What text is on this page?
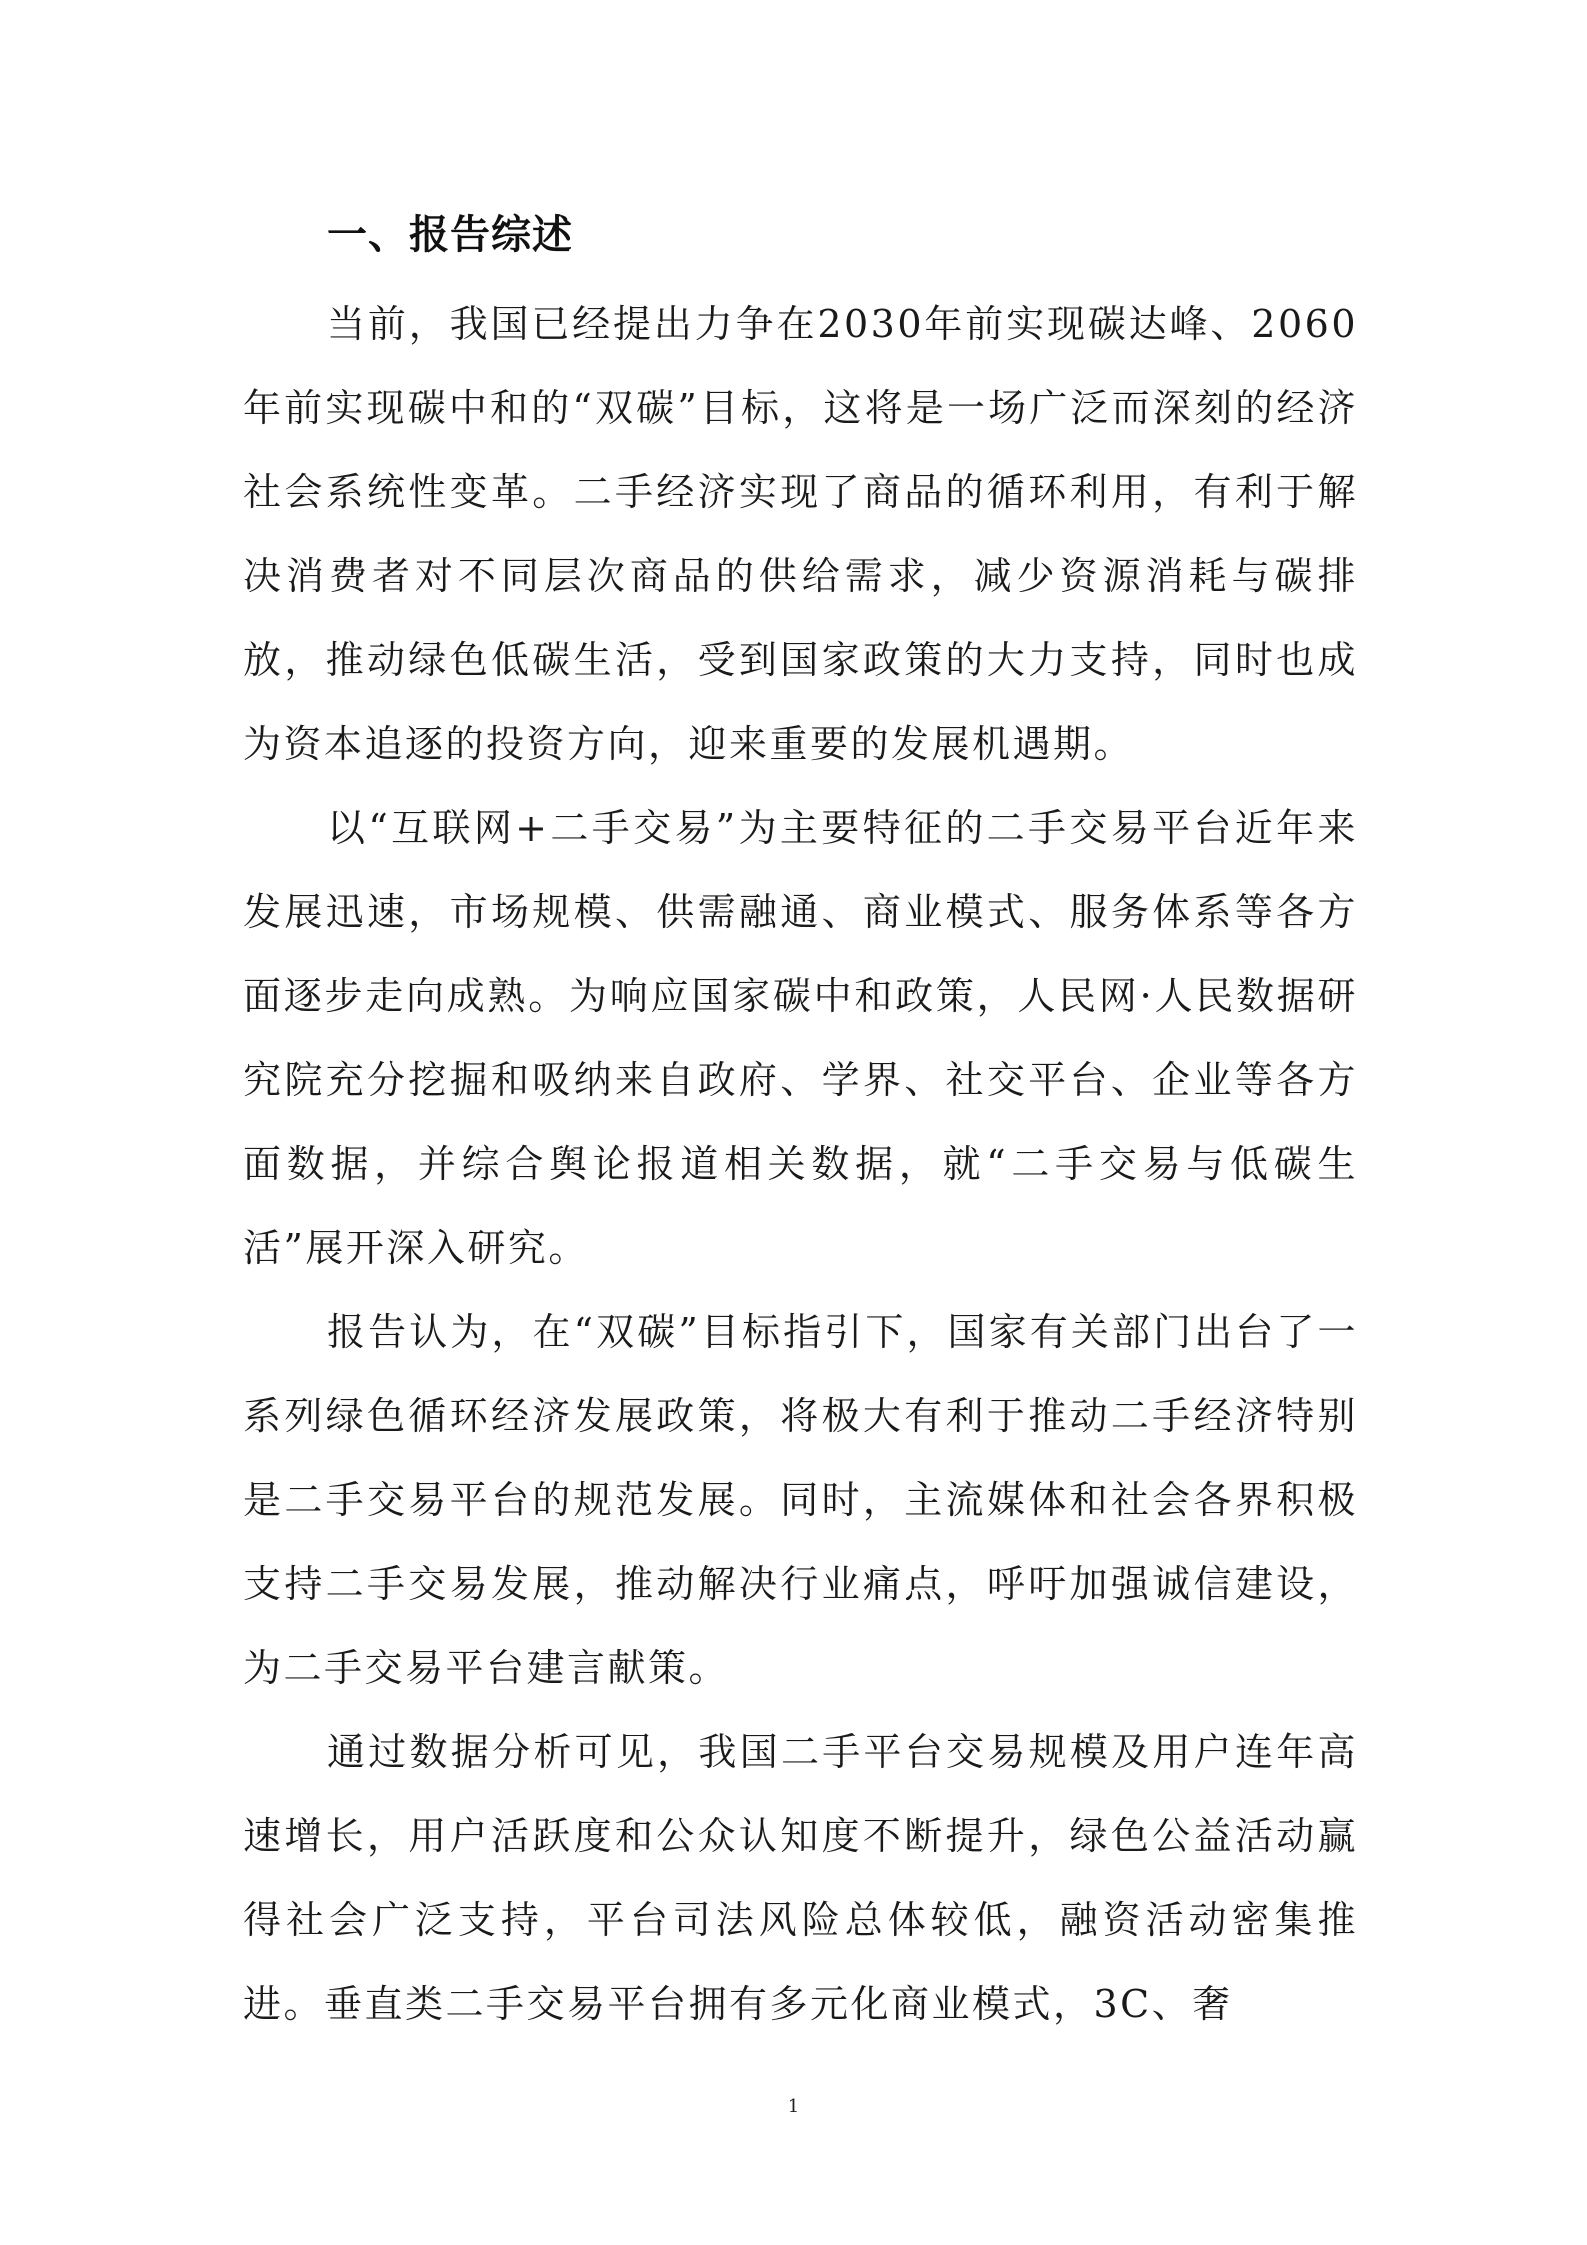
一、报告综述

当前，我国已经提出力争在2030年前实现碳达峰、2060年前实现碳中和的“双碳”目标，这将是一场广泛而深刻的经济社会系统性变革。二手经济实现了商品的循环利用，有利于解决消费者对不同层次商品的供给需求，减少资源消耗与碳排放，推动绿色低碳生活，受到国家政策的大力支持，同时也成为资本追逐的投资方向，迎来重要的发展机遇期。

以“互联网+二手交易”为主要特征的二手交易平台近年来发展迅速，市场规模、供需融通、商业模式、服务体系等各方面逐步走向成熟。为响应国家碳中和政策，人民网·人民数据研究院充分挖掘和吸纳来自政府、学界、社交平台、企业等各方面数据，并综合舆论报道相关数据，就“二手交易与低碳生活”展开深入研究。

报告认为，在“双碳”目标指引下，国家有关部门出台了一系列绿色循环经济发展政策，将极大有利于推动二手经济特别是二手交易平台的规范发展。同时，主流媒体和社会各界积极支持二手交易发展，推动解决行业痛点，呼吁加强诚信建设，为二手交易平台建言献策。

通过数据分析可见，我国二手平台交易规模及用户连年高速增长，用户活跃度和公众认知度不断提升，绿色公益活动赢得社会广泛支持，平台司法风险总体较低，融资活动密集推进。垂直类二手交易平台拥有多元化商业模式，3C、奢

1
